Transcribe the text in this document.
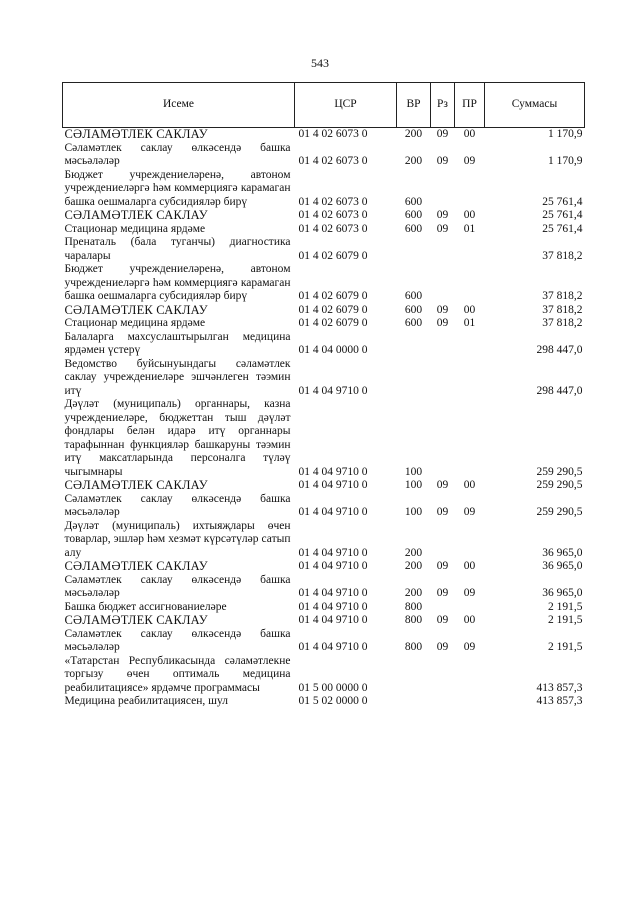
543
Исеме	ЦСР	ВР	Рз	ПР	Суммасы
СӘЛАМӘТЛЕК САКЛАУ	01 4 02 6073 0	200	09	00	1 170,9
Сәламәтлек саклау өлкәсендә башка мәсьәләләр	01 4 02 6073 0	200	09	09	1 170,9
Бюджет учреждениеләренә, автоном учреждениеләргә һәм коммерциягә карамаган башка оешмаларга субсидияләр бирү	01 4 02 6073 0	600			25 761,4
СӘЛАМӘТЛЕК САКЛАУ	01 4 02 6073 0	600	09	00	25 761,4
Стационар медицина ярдәме	01 4 02 6073 0	600	09	01	25 761,4
Пренаталь (бала туганчы) диагностика чаралары	01 4 02 6079 0				37 818,2
Бюджет учреждениеләренә, автоном учреждениеләргә һәм коммерциягә карамаган башка оешмаларга субсидияләр бирү	01 4 02 6079 0	600			37 818,2
СӘЛАМӘТЛЕК САКЛАУ	01 4 02 6079 0	600	09	00	37 818,2
Стационар медицина ярдәме	01 4 02 6079 0	600	09	01	37 818,2
Балаларга махсуслаштырылган медицина ярдәмен үстерү	01 4 04 0000 0				298 447,0
Ведомство буйсынуындагы сәламәтлек саклау учреждениеләре эшчәнлеген тәэмин итү	01 4 04 9710 0				298 447,0
Дәүләт (муниципаль) органнары, казна учреждениеләре, бюджеттан тыш дәүләт фондлары белән идарә итү органнары тарафыннан функцияләр башкаруны тәэмин итү максатларында персоналга түләү чыгымнары	01 4 04 9710 0	100			259 290,5
СӘЛАМӘТЛЕК САКЛАУ	01 4 04 9710 0	100	09	00	259 290,5
Сәламәтлек саклау өлкәсендә башка мәсьәләләр	01 4 04 9710 0	100	09	09	259 290,5
Дәүләт (муниципаль) ихтыяҗлары өчен товарлар, эшләр һәм хезмәт күрсәтүләр сатып алу	01 4 04 9710 0	200			36 965,0
СӘЛАМӘТЛЕК САКЛАУ	01 4 04 9710 0	200	09	00	36 965,0
Сәламәтлек саклау өлкәсендә башка мәсьәләләр	01 4 04 9710 0	200	09	09	36 965,0
Башка бюджет ассигнованиеләре	01 4 04 9710 0	800			2 191,5
СӘЛАМӘТЛЕК САКЛАУ	01 4 04 9710 0	800	09	00	2 191,5
Сәламәтлек саклау өлкәсендә башка мәсьәләләр	01 4 04 9710 0	800	09	09	2 191,5
«Татарстан Республикасында сәламәтлекне торгызу өчен оптималь медицина реабилитациясе» ярдәмче программасы	01 5 00 0000 0				413 857,3
Медицина реабилитациясен, шул	01 5 02 0000 0				413 857,3
